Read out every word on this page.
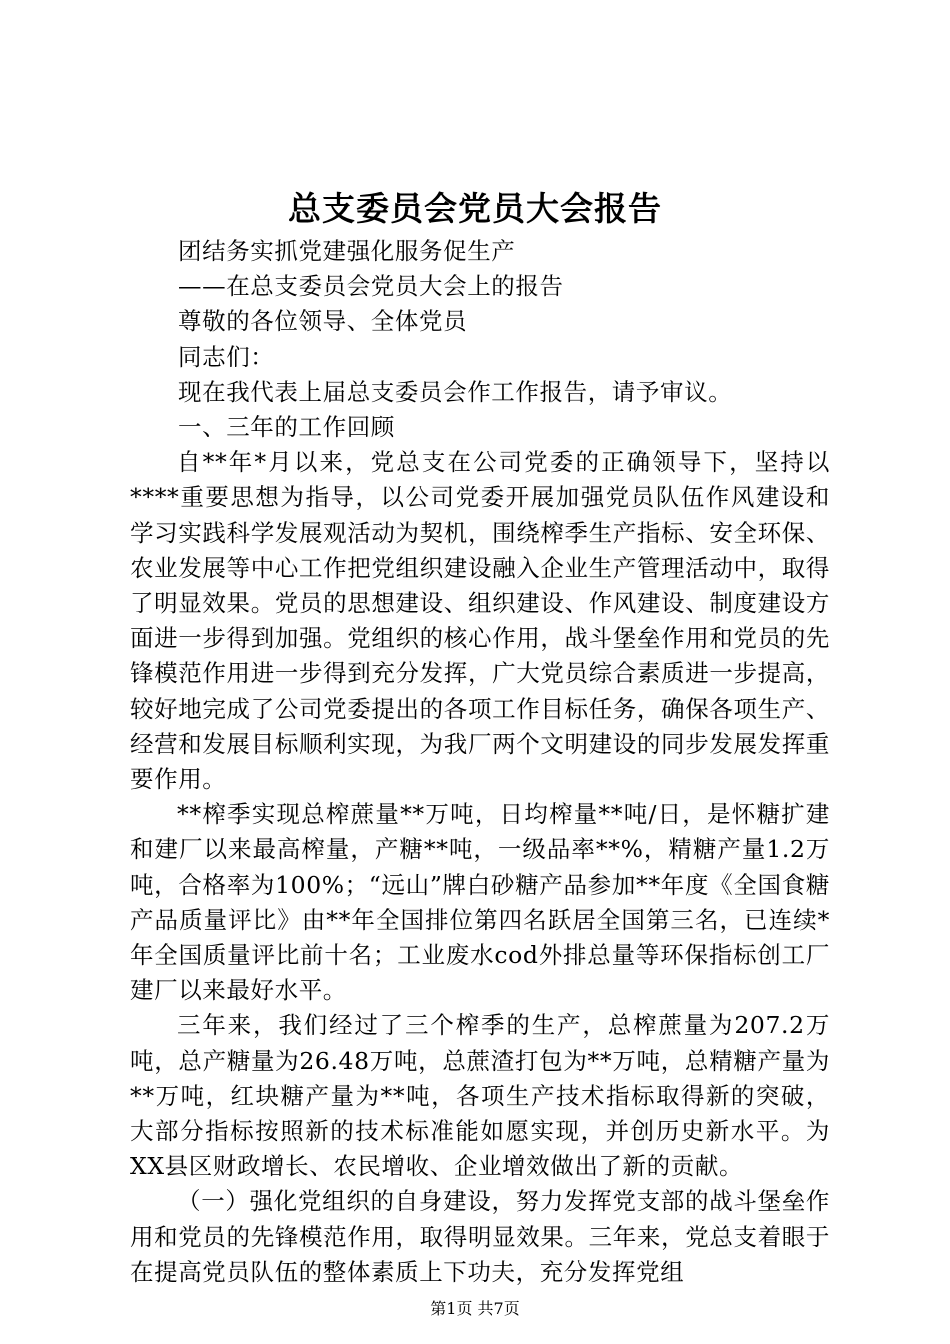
总支委员会党员大会报告

团结务实抓党建强化服务促生产

——在总支委员会党员大会上的报告

尊敬的各位领导、全体党员

同志们：

现在我代表上届总支委员会作工作报告，请予审议。

一、三年的工作回顾

自**年*月以来，党总支在公司党委的正确领导下，坚持以****重要思想为指导，以公司党委开展加强党员队伍作风建设和学习实践科学发展观活动为契机，围绕榨季生产指标、安全环保、农业发展等中心工作把党组织建设融入企业生产管理活动中，取得了明显效果。党员的思想建设、组织建设、作风建设、制度建设方面进一步得到加强。党组织的核心作用，战斗堡垒作用和党员的先锋模范作用进一步得到充分发挥，广大党员综合素质进一步提高，较好地完成了公司党委提出的各项工作目标任务，确保各项生产、经营和发展目标顺利实现，为我厂两个文明建设的同步发展发挥重要作用。

**榨季实现总榨蔗量**万吨，日均榨量**吨/日，是怀糖扩建和建厂以来最高榨量，产糖**吨，一级品率**%，精糖产量1.2万吨，合格率为100%；“远山”牌白砂糖产品参加**年度《全国食糖产品质量评比》由**年全国排位第四名跃居全国第三名，已连续*年全国质量评比前十名；工业废水cod外排总量等环保指标创工厂建厂以来最好水平。

三年来，我们经过了三个榨季的生产，总榨蔗量为207.2万吨，总产糖量为26.48万吨，总蔗渣打包为**万吨，总精糖产量为**万吨，红块糖产量为**吨，各项生产技术指标取得新的突破，大部分指标按照新的技术标准能如愿实现，并创历史新水平。为XX县区财政增长、农民增收、企业增效做出了新的贡献。

（一）强化党组织的自身建设，努力发挥党支部的战斗堡垒作用和党员的先锋模范作用，取得明显效果。三年来，党总支着眼于在提高党员队伍的整体素质上下功夫，充分发挥党组

第1页 共7页
